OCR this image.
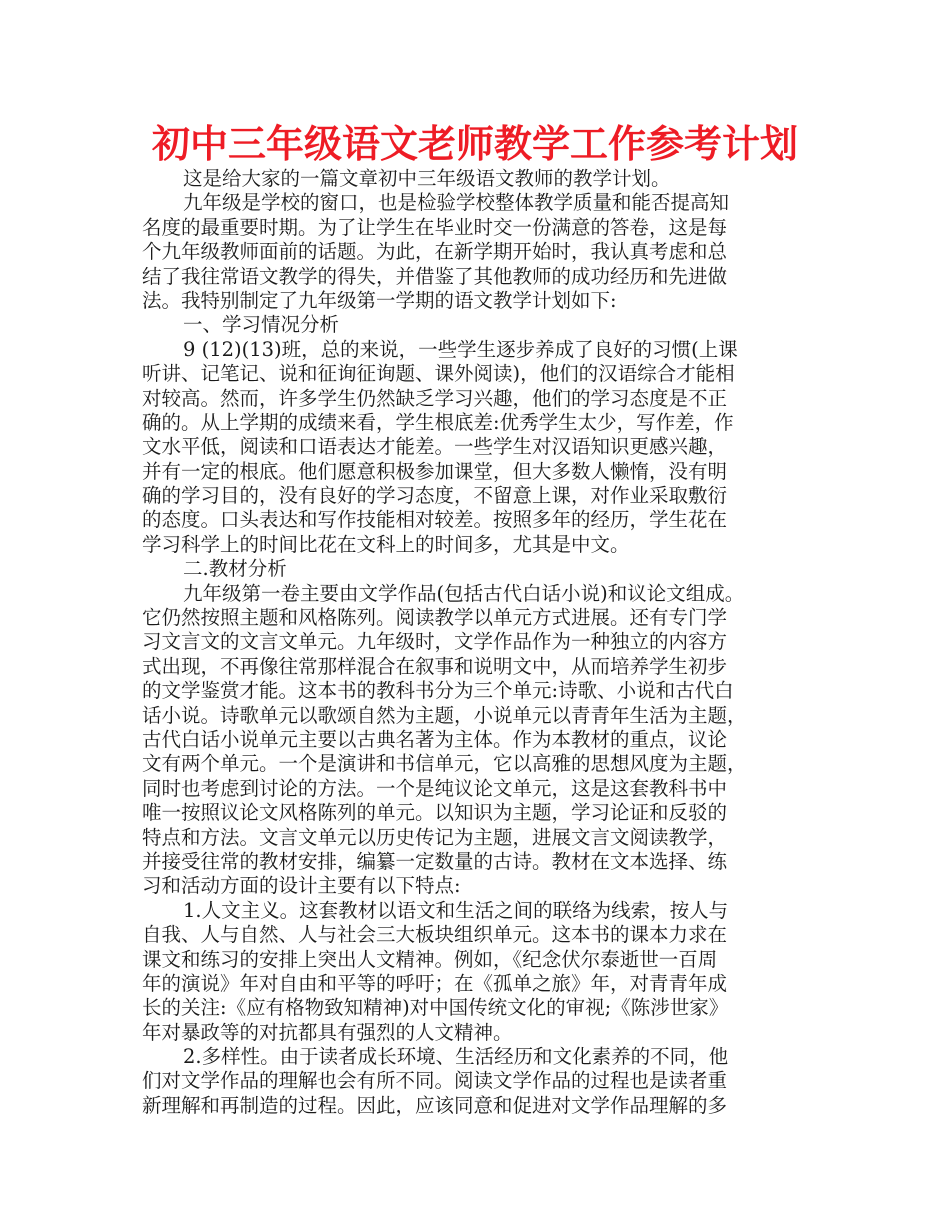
初中三年级语文老师教学工作参考计划
这是给大家的一篇文章初中三年级语文教师的教学计划。
九年级是学校的窗口，也是检验学校整体教学质量和能否提高知
名度的最重要时期。为了让学生在毕业时交一份满意的答卷，这是每
个九年级教师面前的话题。为此，在新学期开始时，我认真考虑和总
结了我往常语文教学的得失，并借鉴了其他教师的成功经历和先进做
法。我特别制定了九年级第一学期的语文教学计划如下:
一、学习情况分析
9 (12)(13)班，总的来说，一些学生逐步养成了良好的习惯(上课
听讲、记笔记、说和征询征询题、课外阅读)，他们的汉语综合才能相
对较高。然而，许多学生仍然缺乏学习兴趣，他们的学习态度是不正
确的。从上学期的成绩来看，学生根底差:优秀学生太少，写作差，作
文水平低，阅读和口语表达才能差。一些学生对汉语知识更感兴趣，
并有一定的根底。他们愿意积极参加课堂，但大多数人懒惰，没有明
确的学习目的，没有良好的学习态度，不留意上课，对作业采取敷衍
的态度。口头表达和写作技能相对较差。按照多年的经历，学生花在
学习科学上的时间比花在文科上的时间多，尤其是中文。
二.教材分析
九年级第一卷主要由文学作品(包括古代白话小说)和议论文组成。
它仍然按照主题和风格陈列。阅读教学以单元方式进展。还有专门学
习文言文的文言文单元。九年级时，文学作品作为一种独立的内容方
式出现，不再像往常那样混合在叙事和说明文中，从而培养学生初步
的文学鉴赏才能。这本书的教科书分为三个单元:诗歌、小说和古代白
话小说。诗歌单元以歌颂自然为主题，小说单元以青青年生活为主题，
古代白话小说单元主要以古典名著为主体。作为本教材的重点，议论
文有两个单元。一个是演讲和书信单元，它以高雅的思想风度为主题，
同时也考虑到讨论的方法。一个是纯议论文单元，这是这套教科书中
唯一按照议论文风格陈列的单元。以知识为主题，学习论证和反驳的
特点和方法。文言文单元以历史传记为主题，进展文言文阅读教学，
并接受往常的教材安排，编纂一定数量的古诗。教材在文本选择、练
习和活动方面的设计主要有以下特点:
1.人文主义。这套教材以语文和生活之间的联络为线索，按人与
自我、人与自然、人与社会三大板块组织单元。这本书的课本力求在
课文和练习的安排上突出人文精神。例如，《纪念伏尔泰逝世一百周
年的演说》年对自由和平等的呼吁；在《孤单之旅》年，对青青年成
长的关注:《应有格物致知精神)对中国传统文化的审视;《陈涉世家》
年对暴政等的对抗都具有强烈的人文精神。
2.多样性。由于读者成长环境、生活经历和文化素养的不同，他
们对文学作品的理解也会有所不同。阅读文学作品的过程也是读者重
新理解和再制造的过程。因此，应该同意和促进对文学作品理解的多
